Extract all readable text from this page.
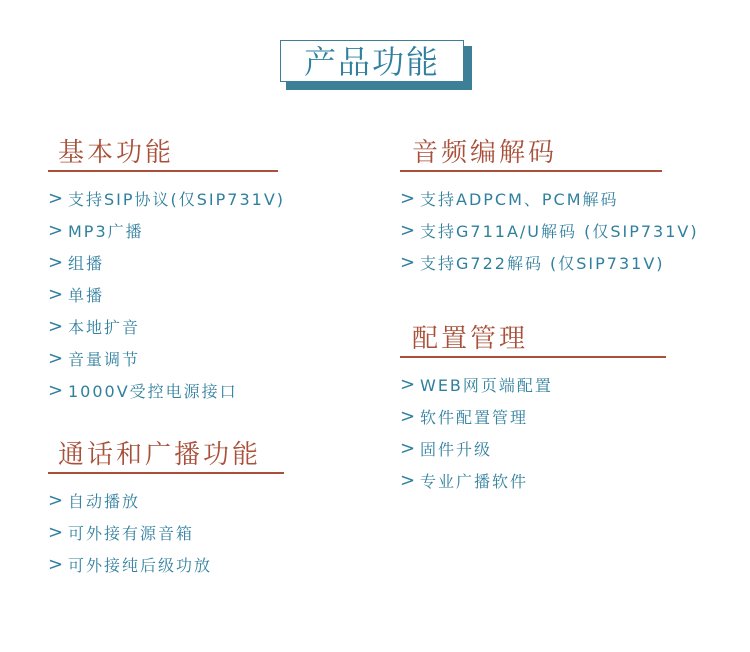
产品功能
基本功能
> 支持SIP协议(仅SIP731V)
> MP3广播
> 组播
> 单播
> 本地扩音
> 音量调节
> 1000V受控电源接口
通话和广播功能
> 自动播放
> 可外接有源音箱
> 可外接纯后级功放
音频编解码
> 支持ADPCM、PCM解码
> 支持G711A/U解码 (仅SIP731V)
> 支持G722解码 (仅SIP731V)
配置管理
> WEB网页端配置
> 软件配置管理
> 固件升级
> 专业广播软件
